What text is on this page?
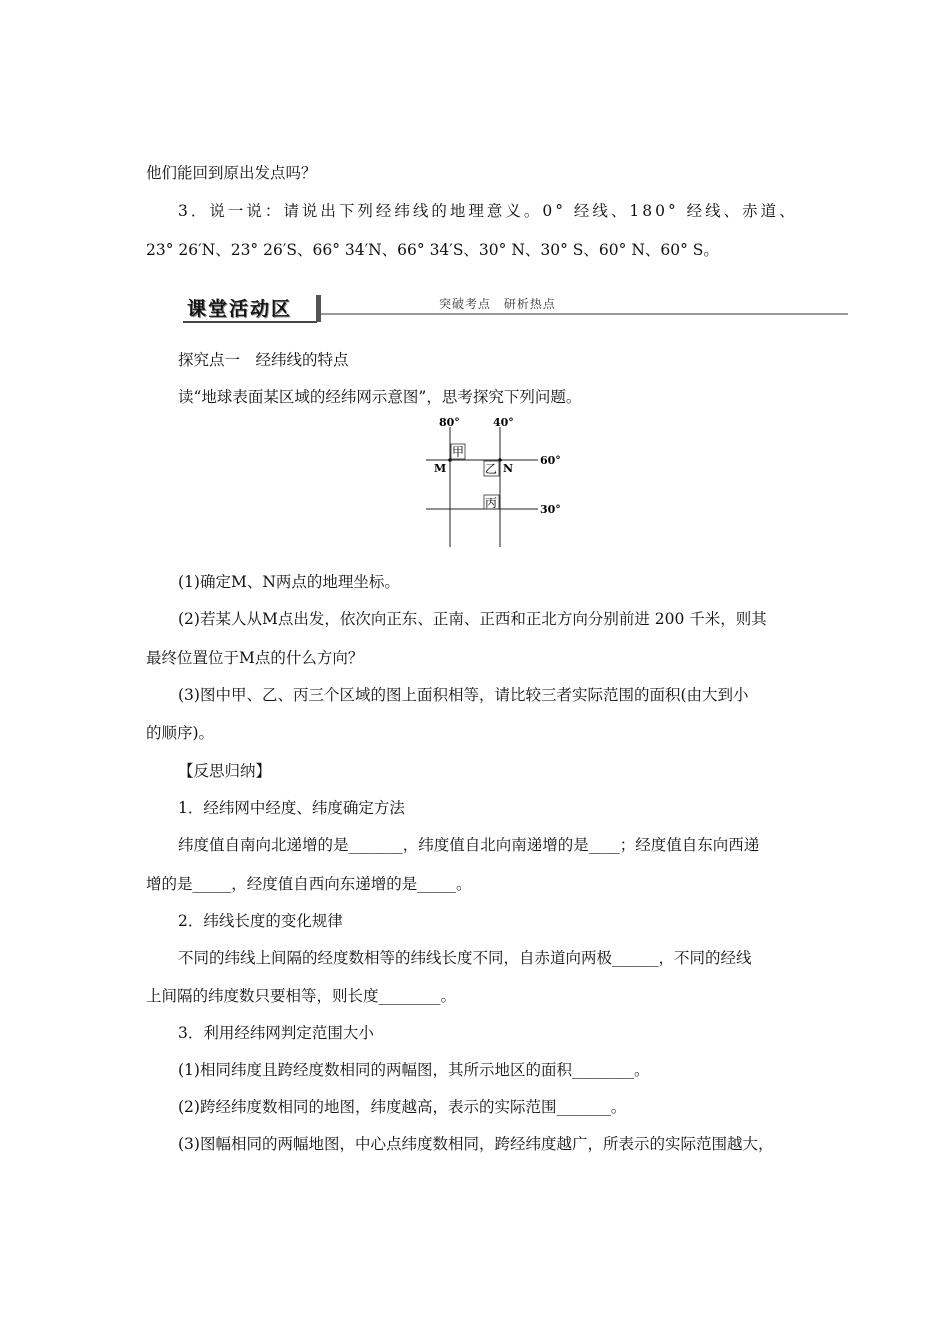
他们能回到原出发点吗？
3．说一说：请说出下列经纬线的地理意义。0° 经线、180° 经线、赤道、
23° 26′N、23° 26′S、66° 34′N、66° 34′S、30° N、30° S、60° N、60° S。
课堂活动区	突破考点 研析热点
探究点一　经纬线的特点
读“地球表面某区域的经纬网示意图”，思考探究下列问题。
80°	40°
60°
30°
M	N
甲
乙
丙
(1)确定M、N两点的地理坐标。
(2)若某人从M点出发，依次向正东、正南、正西和正北方向分别前进 200 千米，则其
最终位置位于M点的什么方向？
(3)图中甲、乙、丙三个区域的图上面积相等，请比较三者实际范围的面积(由大到小
的顺序)。
【反思归纳】
1．经纬网中经度、纬度确定方法
纬度值自南向北递增的是_______，纬度值自北向南递增的是____；经度值自东向西递
增的是_____，经度值自西向东递增的是_____。
2．纬线长度的变化规律
不同的纬线上间隔的经度数相等的纬线长度不同，自赤道向两极______，不同的经线
上间隔的纬度数只要相等，则长度________。
3．利用经纬网判定范围大小
(1)相同纬度且跨经度数相同的两幅图，其所示地区的面积________。
(2)跨经纬度数相同的地图，纬度越高，表示的实际范围_______。
(3)图幅相同的两幅地图，中心点纬度数相同，跨经纬度越广，所表示的实际范围越大，
